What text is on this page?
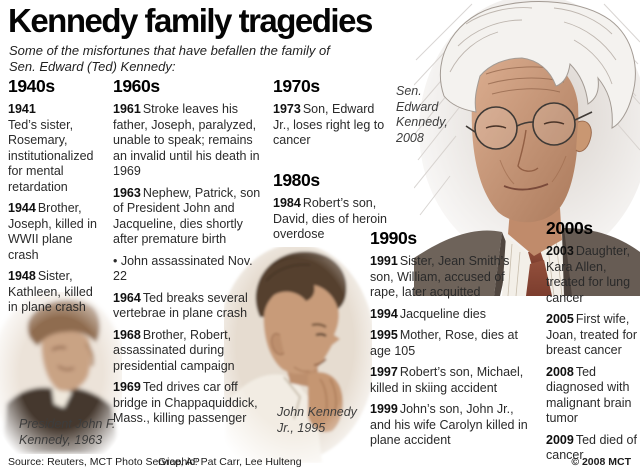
Kennedy family tragedies
Some of the misfortunes that have befallen the family of Sen. Edward (Ted) Kennedy:
1940s

1941
Ted’s sister, Rosemary, institutionalized for mental retardation

1944 Brother, Joseph, killed in WWII plane crash

1948 Sister, Kathleen, killed in plane crash

1960s

1961 Stroke leaves his father, Joseph, paralyzed, unable to speak; remains an invalid until his death in 1969

1963 Nephew, Patrick, son of President John and Jacqueline, dies shortly after premature birth

• John assassinated Nov. 22

1964 Ted breaks several vertebrae in plane crash

1968 Brother, Robert, assassinated during presidential campaign

1969 Ted drives car off bridge in Chappaquiddick, Mass., killing passenger

1970s

1973 Son, Edward Jr., loses right leg to cancer

1980s

1984 Robert’s son, David, dies of heroin overdose	1990s

1991 Sister, Jean Smith’s son, William, accused of rape, later acquitted

1994 Jacqueline dies

1995 Mother, Rose, dies at age 105

1997 Robert’s son, Michael, killed in skiing accident

1999 John’s son, John Jr., and his wife Carolyn killed in plane accident

2000s

2003 Daughter, Kara Allen, treated for lung cancer

2005 First wife, Joan, treated for breast cancer

2008 Ted diagnosed with malignant brain tumor

2009 Ted died of cancer

Sen. Edward Kennedy, 2008
President John F. Kennedy, 1963
John Kennedy Jr., 1995
Source: Reuters, MCT Photo Service, AP
Graphic: Pat Carr, Lee Hulteng	© 2008 MCT
